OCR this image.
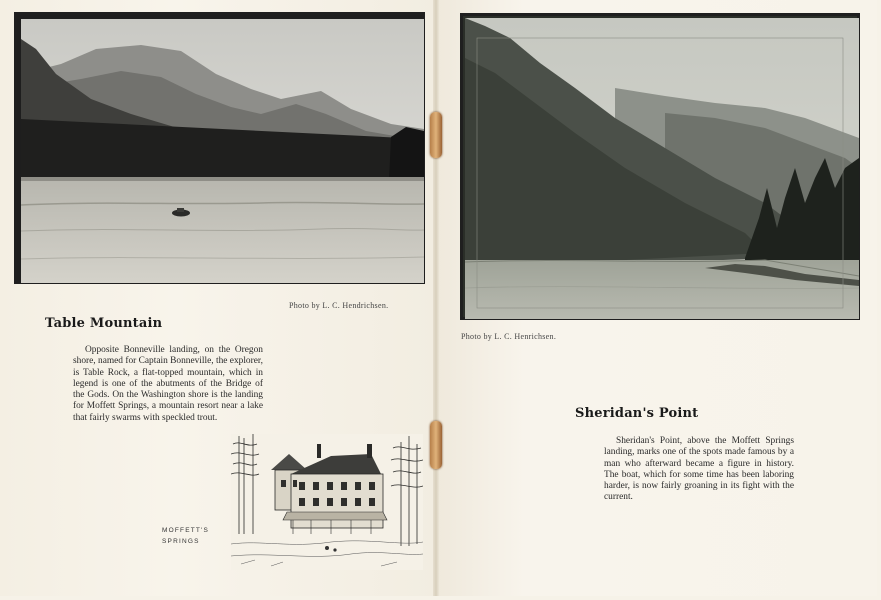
Photo by L. C. Hendrichsen.
Table Mountain
Opposite Bonneville landing, on the Oregon shore, named for Captain Bonneville, the explorer, is Table Rock, a flat-topped mountain, which in legend is one of the abutments of the Bridge of the Gods. On the Washington shore is the landing for Moffett Springs, a mountain resort near a lake that fairly swarms with speckled trout.
MOFFETT'S
SPRINGS
Photo by L. C. Henrichsen.
Sheridan's Point
Sheridan's Point, above the Moffett Springs landing, marks one of the spots made famous by a man who afterward became a figure in history. The boat, which for some time has been laboring harder, is now fairly groaning in its fight with the current.
